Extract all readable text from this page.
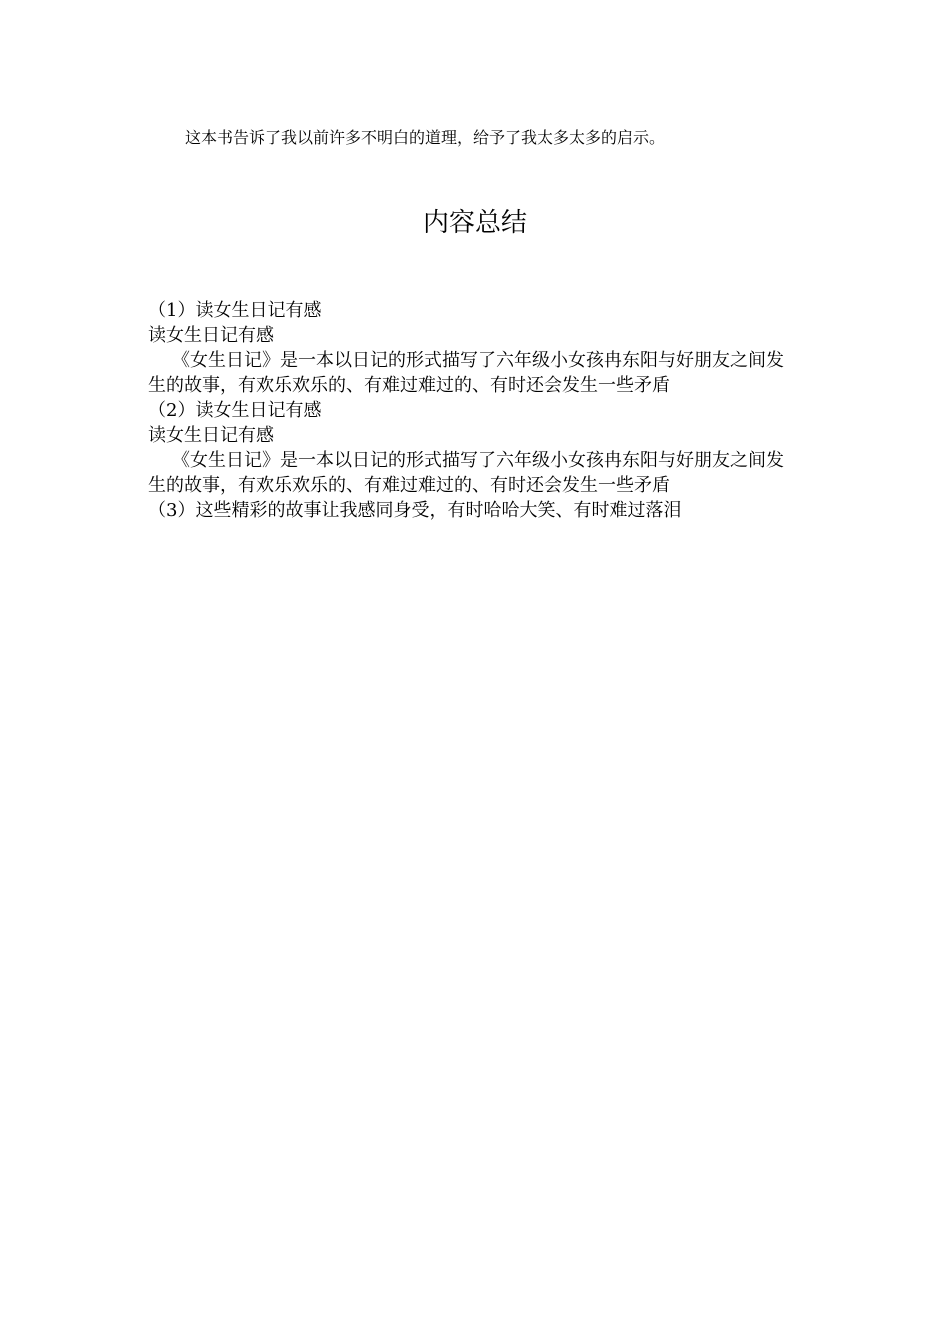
这本书告诉了我以前许多不明白的道理，给予了我太多太多的启示。
内容总结

（1）读女生日记有感

读女生日记有感

《女生日记》是一本以日记的形式描写了六年级小女孩冉东阳与好朋友之间发生的故事，有欢乐欢乐的、有难过难过的、有时还会发生一些矛盾

（2）读女生日记有感

读女生日记有感

《女生日记》是一本以日记的形式描写了六年级小女孩冉东阳与好朋友之间发生的故事，有欢乐欢乐的、有难过难过的、有时还会发生一些矛盾

（3）这些精彩的故事让我感同身受，有时哈哈大笑、有时难过落泪
